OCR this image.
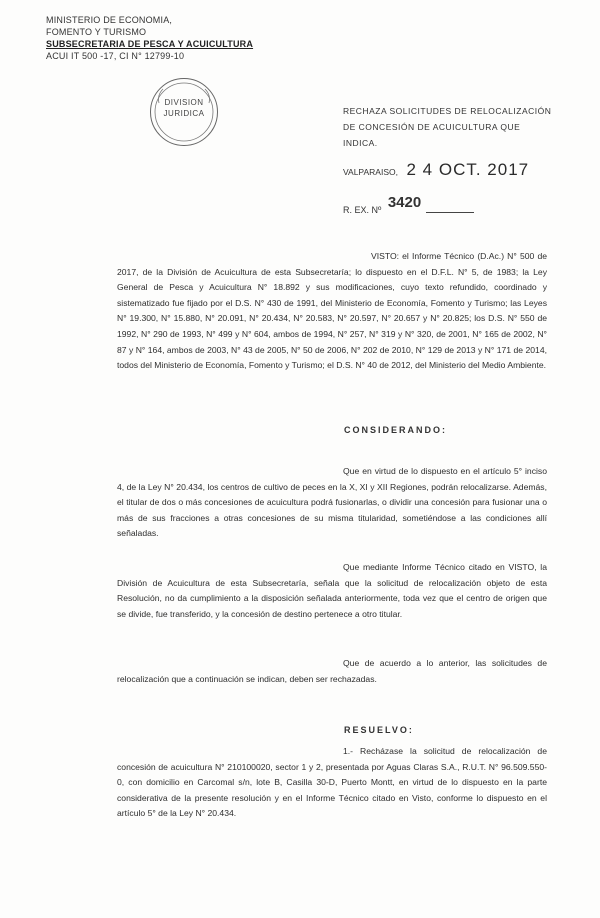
MINISTERIO DE ECONOMIA,
FOMENTO Y TURISMO
SUBSECRETARIA DE PESCA Y ACUICULTURA
ACUI IT 500 -17, CI N° 12799-10
DIVISION
JURIDICA	RECHAZA SOLICITUDES DE RELOCALIZACIÓN DE CONCESIÓN DE ACUICULTURA QUE INDICA.
VALPARAISO, 2 4 OCT. 2017
R. EX. Nº 3420
VISTO: el Informe Técnico (D.Ac.) N° 500 de 2017, de la División de Acuicultura de esta Subsecretaría; lo dispuesto en el D.F.L. N° 5, de 1983; la Ley General de Pesca y Acuicultura N° 18.892 y sus modificaciones, cuyo texto refundido, coordinado y sistematizado fue fijado por el D.S. N° 430 de 1991, del Ministerio de Economía, Fomento y Turismo; las Leyes N° 19.300, N° 15.880, N° 20.091, N° 20.434, N° 20.583, N° 20.597, N° 20.657 y N° 20.825; los D.S. N° 550 de 1992, N° 290 de 1993, N° 499 y N° 604, ambos de 1994, N° 257, N° 319 y N° 320, de 2001, N° 165 de 2002, N° 87 y N° 164, ambos de 2003, N° 43 de 2005, N° 50 de 2006, N° 202 de 2010, N° 129 de 2013 y N° 171 de 2014, todos del Ministerio de Economía, Fomento y Turismo; el D.S. N° 40 de 2012, del Ministerio del Medio Ambiente.
CONSIDERANDO:
Que en virtud de lo dispuesto en el artículo 5° inciso 4, de la Ley N° 20.434, los centros de cultivo de peces en la X, XI y XII Regiones, podrán relocalizarse. Además, el titular de dos o más concesiones de acuicultura podrá fusionarlas, o dividir una concesión para fusionar una o más de sus fracciones a otras concesiones de su misma titularidad, sometiéndose a las condiciones allí señaladas.
Que mediante Informe Técnico citado en VISTO, la División de Acuicultura de esta Subsecretaría, señala que la solicitud de relocalización objeto de esta Resolución, no da cumplimiento a la disposición señalada anteriormente, toda vez que el centro de origen que se divide, fue transferido, y la concesión de destino pertenece a otro titular.
Que de acuerdo a lo anterior, las solicitudes de relocalización que a continuación se indican, deben ser rechazadas.
RESUELVO:
1.- Recházase la solicitud de relocalización de concesión de acuicultura N° 210100020, sector 1 y 2, presentada por Aguas Claras S.A., R.U.T. N° 96.509.550-0, con domicilio en Carcomal s/n, lote B, Casilla 30-D, Puerto Montt, en virtud de lo dispuesto en la parte considerativa de la presente resolución y en el Informe Técnico citado en Visto, conforme lo dispuesto en el artículo 5° de la Ley N° 20.434.
